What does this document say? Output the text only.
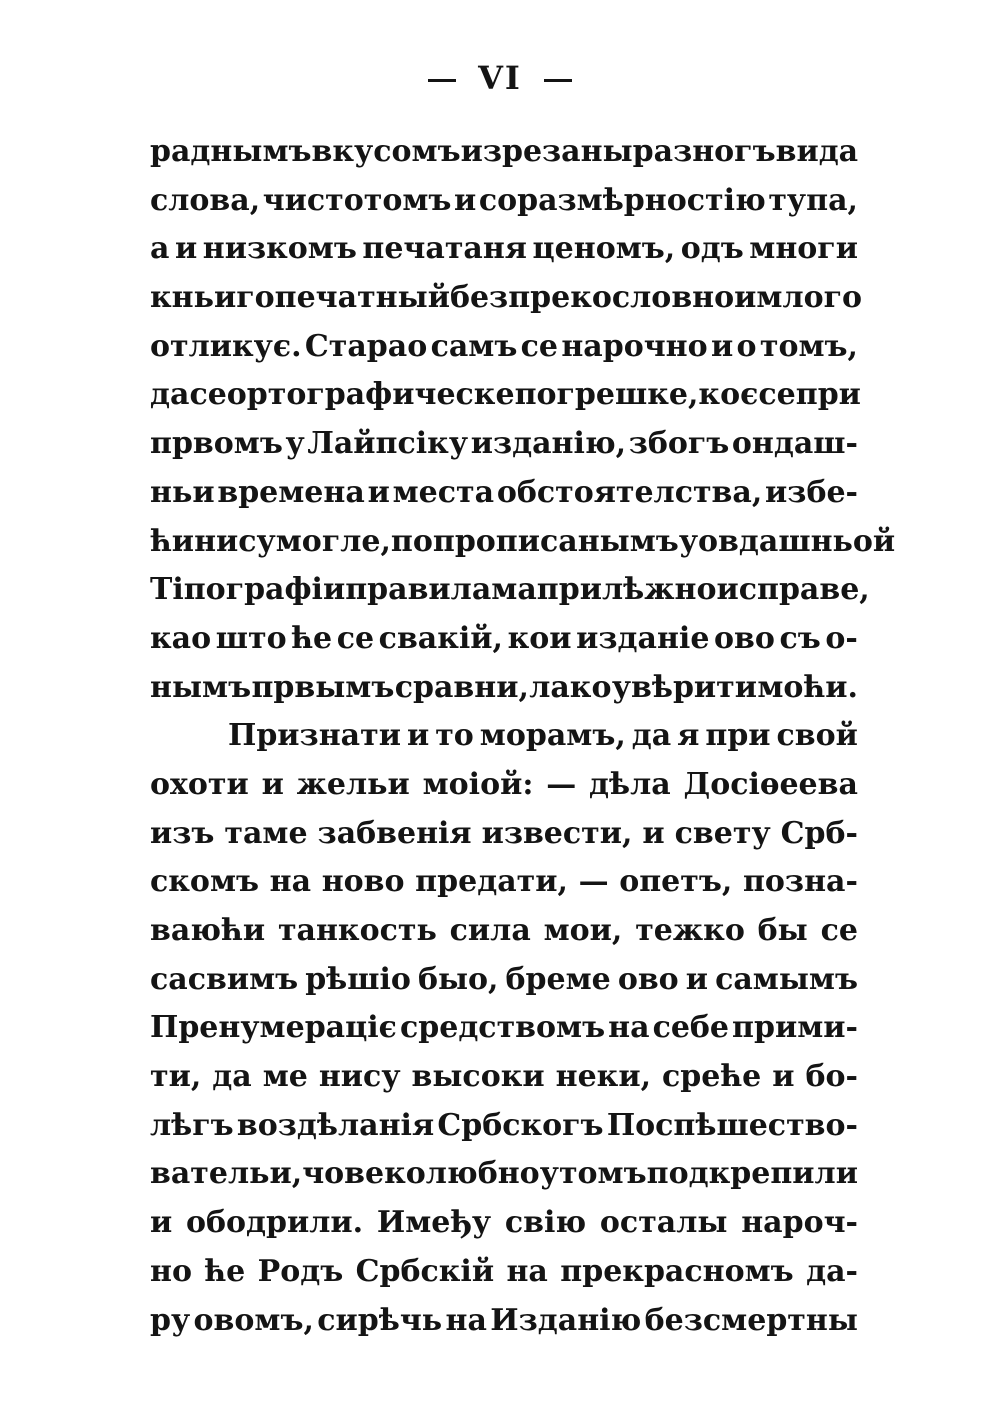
VI
раднымъ вкусомъ изрезаны разногъ вида
слова, чистотомъ и соразмѣрностію тупа,
а и низкомъ печатаня ценомъ, одъ многи
кньигопечатный безпрекословно и млого
отликує. Старао самъ се нарочно и о томъ,
да се ортографическе погрешке, коє се при
првомъ у Лайпсіку изданію, збогъ ондаш-
ньи времена и места обстоятелства, избе-
ћи нису могле, по прописанымъ у овдашньой
Тіпографіи правилама прилѣжно исправе,
као што ће се свакій, кои изданіе ово съ о-
нымъ првымъ сравни, лако увѣрити моћи.
Признати и то морамъ, да я при свой
охоти и жельи моіой: — дѣла Досіѳеева
изъ таме забвенія извести, и свету Срб-
скомъ на ново предати, — опетъ, позна-
ваюћи танкость сила мои, тежко бы се
сасвимъ рѣшіо быо, бреме ово и самымъ
Пренумераціє средствомъ на себе прими-
ти, да ме нису высоки неки, среће и бо-
лѣгъ воздѣланія Србскогъ Поспѣшество-
вательи, човеколюбно у томъ подкрепили
и ободрили. Имеђу свію осталы нароч-
но ће Родъ Србскій на прекрасномъ да-
ру овомъ, сирѣчь на Изданію безсмертны
